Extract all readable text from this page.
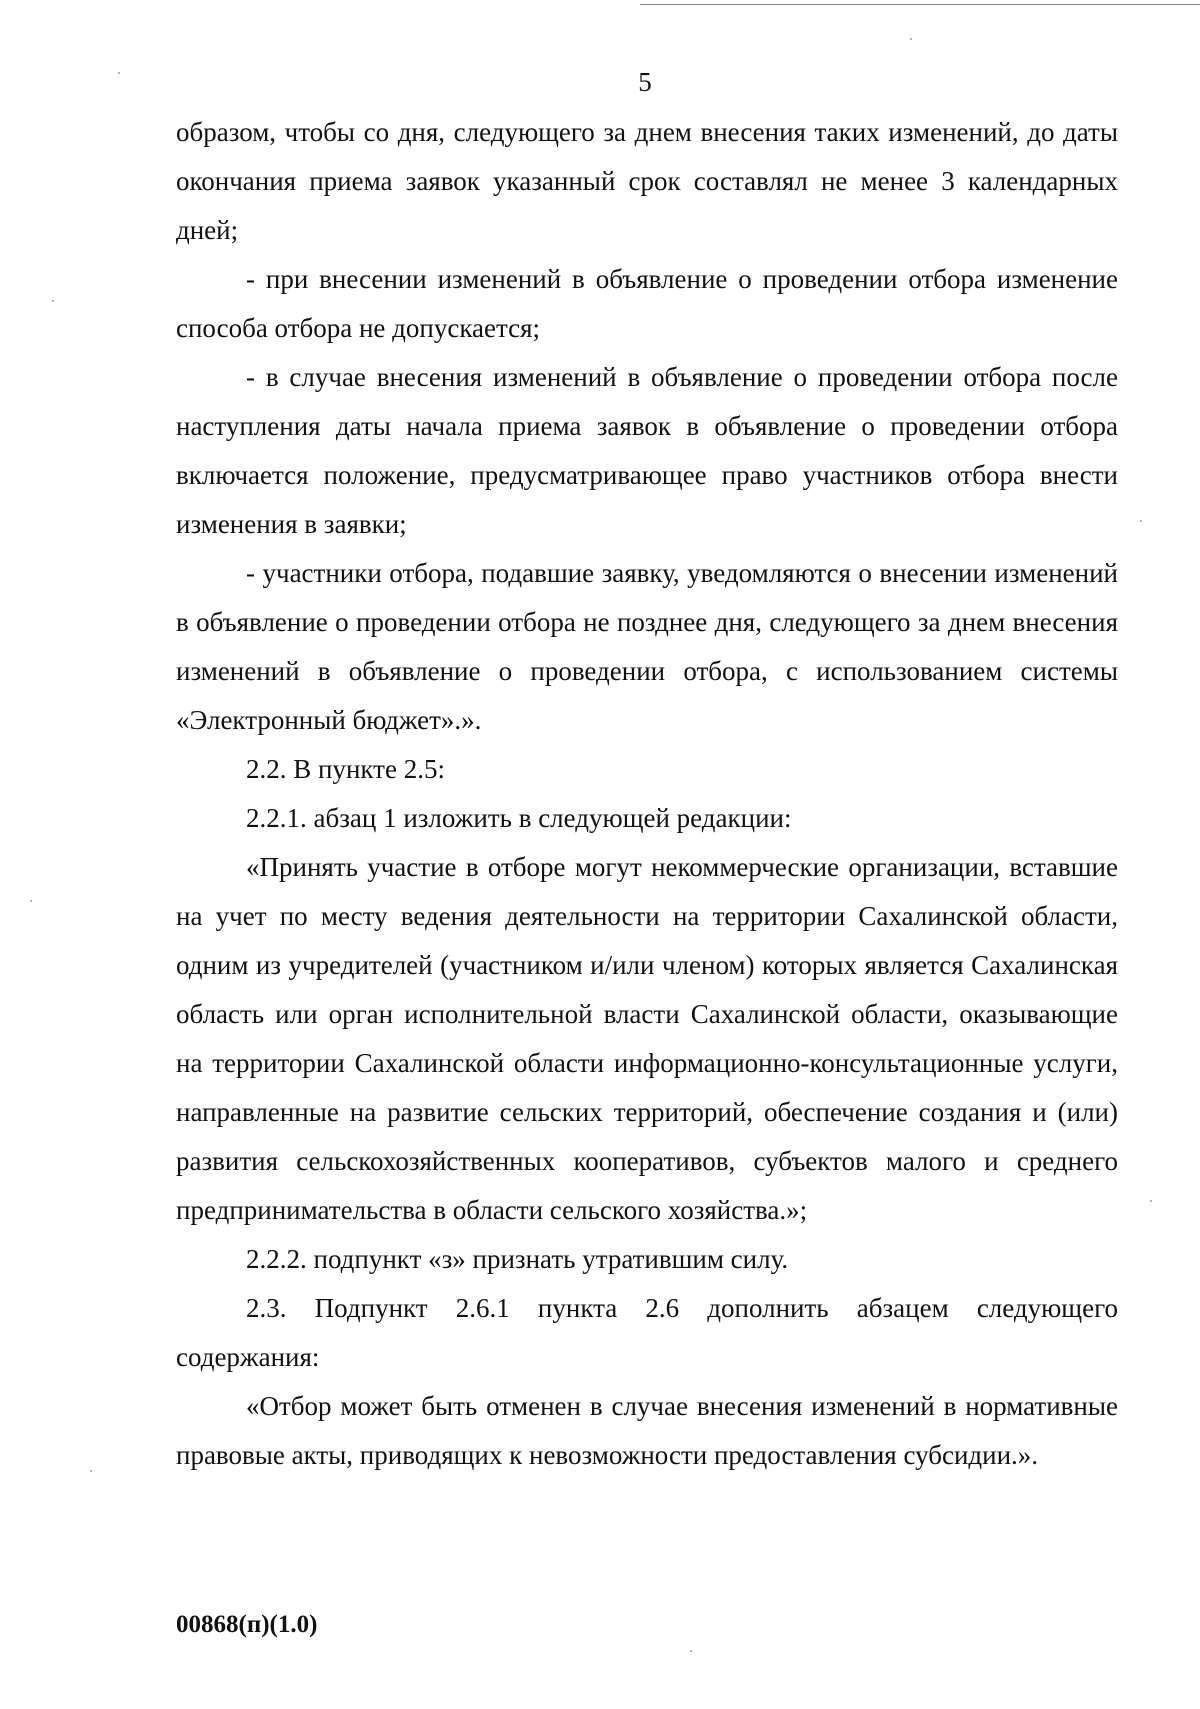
5

образом, чтобы со дня, следующего за днем внесения таких изменений, до даты окончания приема заявок указанный срок составлял не менее 3 календарных дней;

- при внесении изменений в объявление о проведении отбора изменение способа отбора не допускается;

- в случае внесения изменений в объявление о проведении отбора после наступления даты начала приема заявок в объявление о проведении отбора включается положение, предусматривающее право участников отбора внести изменения в заявки;

- участники отбора, подавшие заявку, уведомляются о внесении изменений в объявление о проведении отбора не позднее дня, следующего за днем внесения изменений в объявление о проведении отбора, с использованием системы «Электронный бюджет».».

2.2. В пункте 2.5:

2.2.1. абзац 1 изложить в следующей редакции:

«Принять участие в отборе могут некоммерческие организации, вставшие на учет по месту ведения деятельности на территории Сахалинской области, одним из учредителей (участником и/или членом) которых является Сахалинская область или орган исполнительной власти Сахалинской области, оказывающие на территории Сахалинской области информационно-консультационные услуги, направленные на развитие сельских территорий, обеспечение создания и (или) развития сельскохозяйственных кооперативов, субъектов малого и среднего предпринимательства в области сельского хозяйства.»;

2.2.2. подпункт «з» признать утратившим силу.

2.3. Подпункт 2.6.1 пункта 2.6 дополнить абзацем следующего содержания:

«Отбор может быть отменен в случае внесения изменений в нормативные правовые акты, приводящих к невозможности предоставления субсидии.».

00868(п)(1.0)
